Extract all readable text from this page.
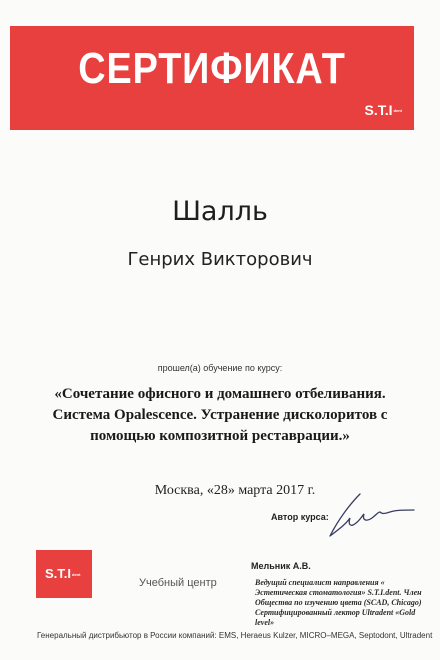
СЕРТИФИКАТ
S.T.Ident
Шалль
Генрих Викторович
прошел(а) обучение по курсу:
«Сочетание офисного и домашнего отбеливания. Система Opalescence. Устранение дисколоритов с помощью композитной реставрации.»
Москва, «28» марта 2017 г.
Автор курса:
Мельник А.В.
Ведущий специалист направления « Эстетическая стоматология» S.T.I.dent. Член Общества по изучению цвета (SCAD, Chicago) Сертифицированный лектор Ultradent «Gold level»
S.T.Ident
Учебный центр
Генеральный дистрибьютор в России компаний: EMS, Heraeus Kulzer, MICRO–MEGA, Septodont, Ultradent
